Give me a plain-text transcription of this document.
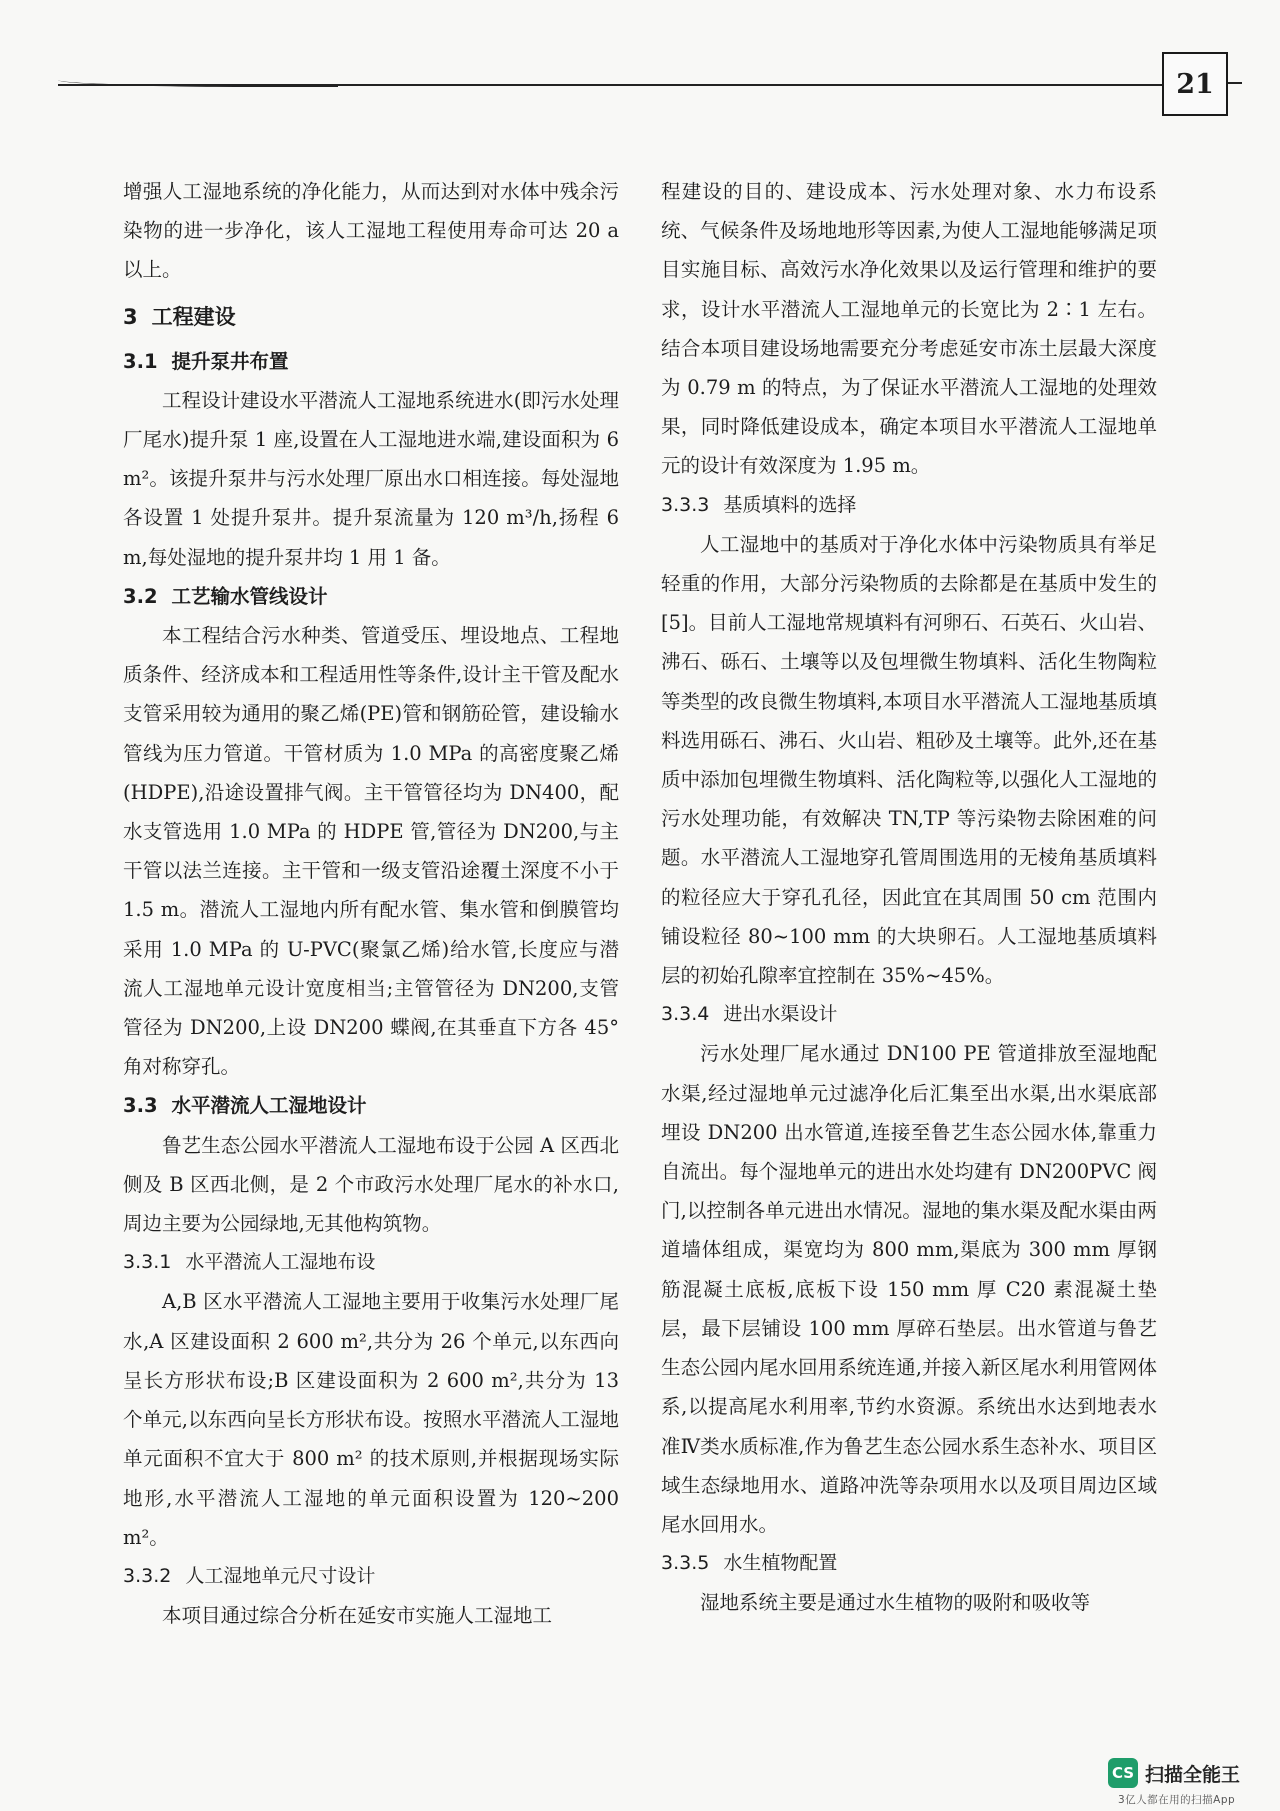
21

增强人工湿地系统的净化能力，从而达到对水体中残余污染物的进一步净化，该人工湿地工程使用寿命可达 20 a 以上。

3 工程建设
3.1 提升泵井布置

工程设计建设水平潜流人工湿地系统进水(即污水处理厂尾水)提升泵 1 座,设置在人工湿地进水端,建设面积为 6 m²。该提升泵井与污水处理厂原出水口相连接。每处湿地各设置 1 处提升泵井。提升泵流量为 120 m³/h,扬程 6 m,每处湿地的提升泵井均 1 用 1 备。

3.2 工艺输水管线设计

本工程结合污水种类、管道受压、埋设地点、工程地质条件、经济成本和工程适用性等条件,设计主干管及配水支管采用较为通用的聚乙烯(PE)管和钢筋砼管，建设输水管线为压力管道。干管材质为 1.0 MPa 的高密度聚乙烯(HDPE),沿途设置排气阀。主干管管径均为 DN400，配水支管选用 1.0 MPa 的 HDPE 管,管径为 DN200,与主干管以法兰连接。主干管和一级支管沿途覆土深度不小于 1.5 m。潜流人工湿地内所有配水管、集水管和倒膜管均采用 1.0 MPa 的 U-PVC(聚氯乙烯)给水管,长度应与潜流人工湿地单元设计宽度相当;主管管径为 DN200,支管管径为 DN200,上设 DN200 蝶阀,在其垂直下方各 45°角对称穿孔。

3.3 水平潜流人工湿地设计

鲁艺生态公园水平潜流人工湿地布设于公园 A 区西北侧及 B 区西北侧，是 2 个市政污水处理厂尾水的补水口,周边主要为公园绿地,无其他构筑物。

3.3.1 水平潜流人工湿地布设

A,B 区水平潜流人工湿地主要用于收集污水处理厂尾水,A 区建设面积 2 600 m²,共分为 26 个单元,以东西向呈长方形状布设;B 区建设面积为 2 600 m²,共分为 13 个单元,以东西向呈长方形状布设。按照水平潜流人工湿地单元面积不宜大于 800 m² 的技术原则,并根据现场实际地形,水平潜流人工湿地的单元面积设置为 120~200 m²。

3.3.2 人工湿地单元尺寸设计

本项目通过综合分析在延安市实施人工湿地工

程建设的目的、建设成本、污水处理对象、水力布设系统、气候条件及场地地形等因素,为使人工湿地能够满足项目实施目标、高效污水净化效果以及运行管理和维护的要求，设计水平潜流人工湿地单元的长宽比为 2∶1 左右。结合本项目建设场地需要充分考虑延安市冻土层最大深度为 0.79 m 的特点，为了保证水平潜流人工湿地的处理效果，同时降低建设成本，确定本项目水平潜流人工湿地单元的设计有效深度为 1.95 m。

3.3.3 基质填料的选择

人工湿地中的基质对于净化水体中污染物质具有举足轻重的作用，大部分污染物质的去除都是在基质中发生的[5]。目前人工湿地常规填料有河卵石、石英石、火山岩、沸石、砾石、土壤等以及包埋微生物填料、活化生物陶粒等类型的改良微生物填料,本项目水平潜流人工湿地基质填料选用砾石、沸石、火山岩、粗砂及土壤等。此外,还在基质中添加包埋微生物填料、活化陶粒等,以强化人工湿地的污水处理功能，有效解决 TN,TP 等污染物去除困难的问题。水平潜流人工湿地穿孔管周围选用的无棱角基质填料的粒径应大于穿孔孔径，因此宜在其周围 50 cm 范围内铺设粒径 80~100 mm 的大块卵石。人工湿地基质填料层的初始孔隙率宜控制在 35%~45%。

3.3.4 进出水渠设计

污水处理厂尾水通过 DN100 PE 管道排放至湿地配水渠,经过湿地单元过滤净化后汇集至出水渠,出水渠底部埋设 DN200 出水管道,连接至鲁艺生态公园水体,靠重力自流出。每个湿地单元的进出水处均建有 DN200PVC 阀门,以控制各单元进出水情况。湿地的集水渠及配水渠由两道墙体组成，渠宽均为 800 mm,渠底为 300 mm 厚钢筋混凝土底板,底板下设 150 mm 厚 C20 素混凝土垫层，最下层铺设 100 mm 厚碎石垫层。出水管道与鲁艺生态公园内尾水回用系统连通,并接入新区尾水利用管网体系,以提高尾水利用率,节约水资源。系统出水达到地表水准Ⅳ类水质标准,作为鲁艺生态公园水系生态补水、项目区域生态绿地用水、道路冲洗等杂项用水以及项目周边区域尾水回用水。

3.3.5 水生植物配置

湿地系统主要是通过水生植物的吸附和吸收等

CS 扫描全能王
3亿人都在用的扫描App
